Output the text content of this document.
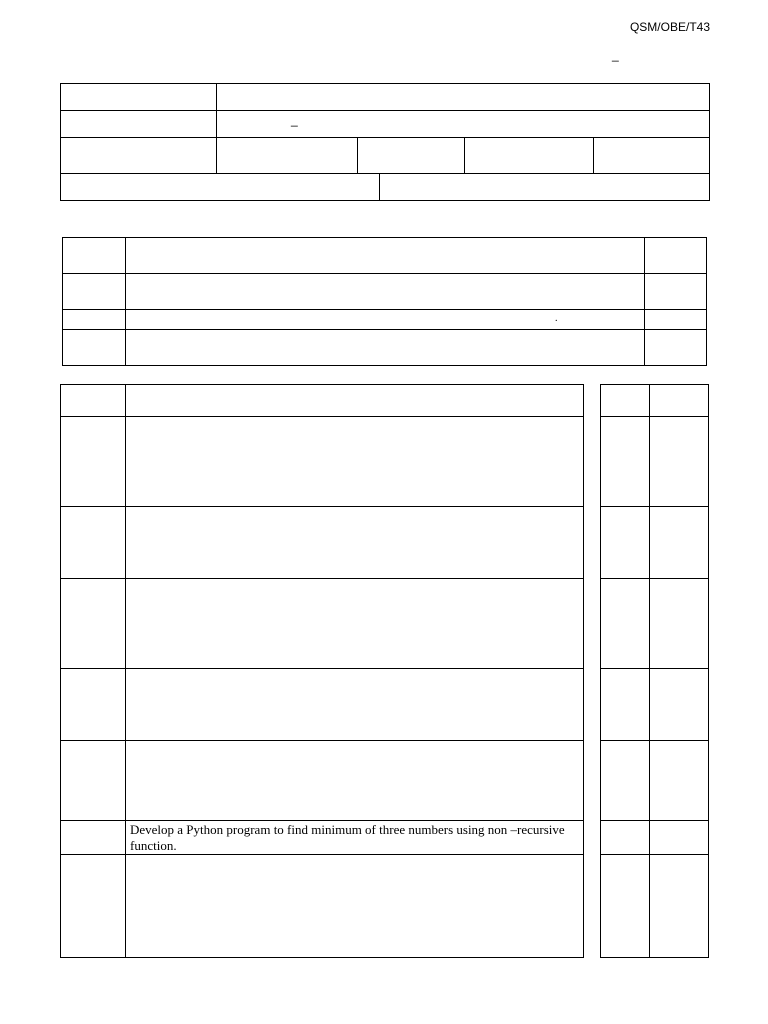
QSM/OBE/T43
_
_
.
Develop a Python program to find minimum of three numbers using non –recursive function.
